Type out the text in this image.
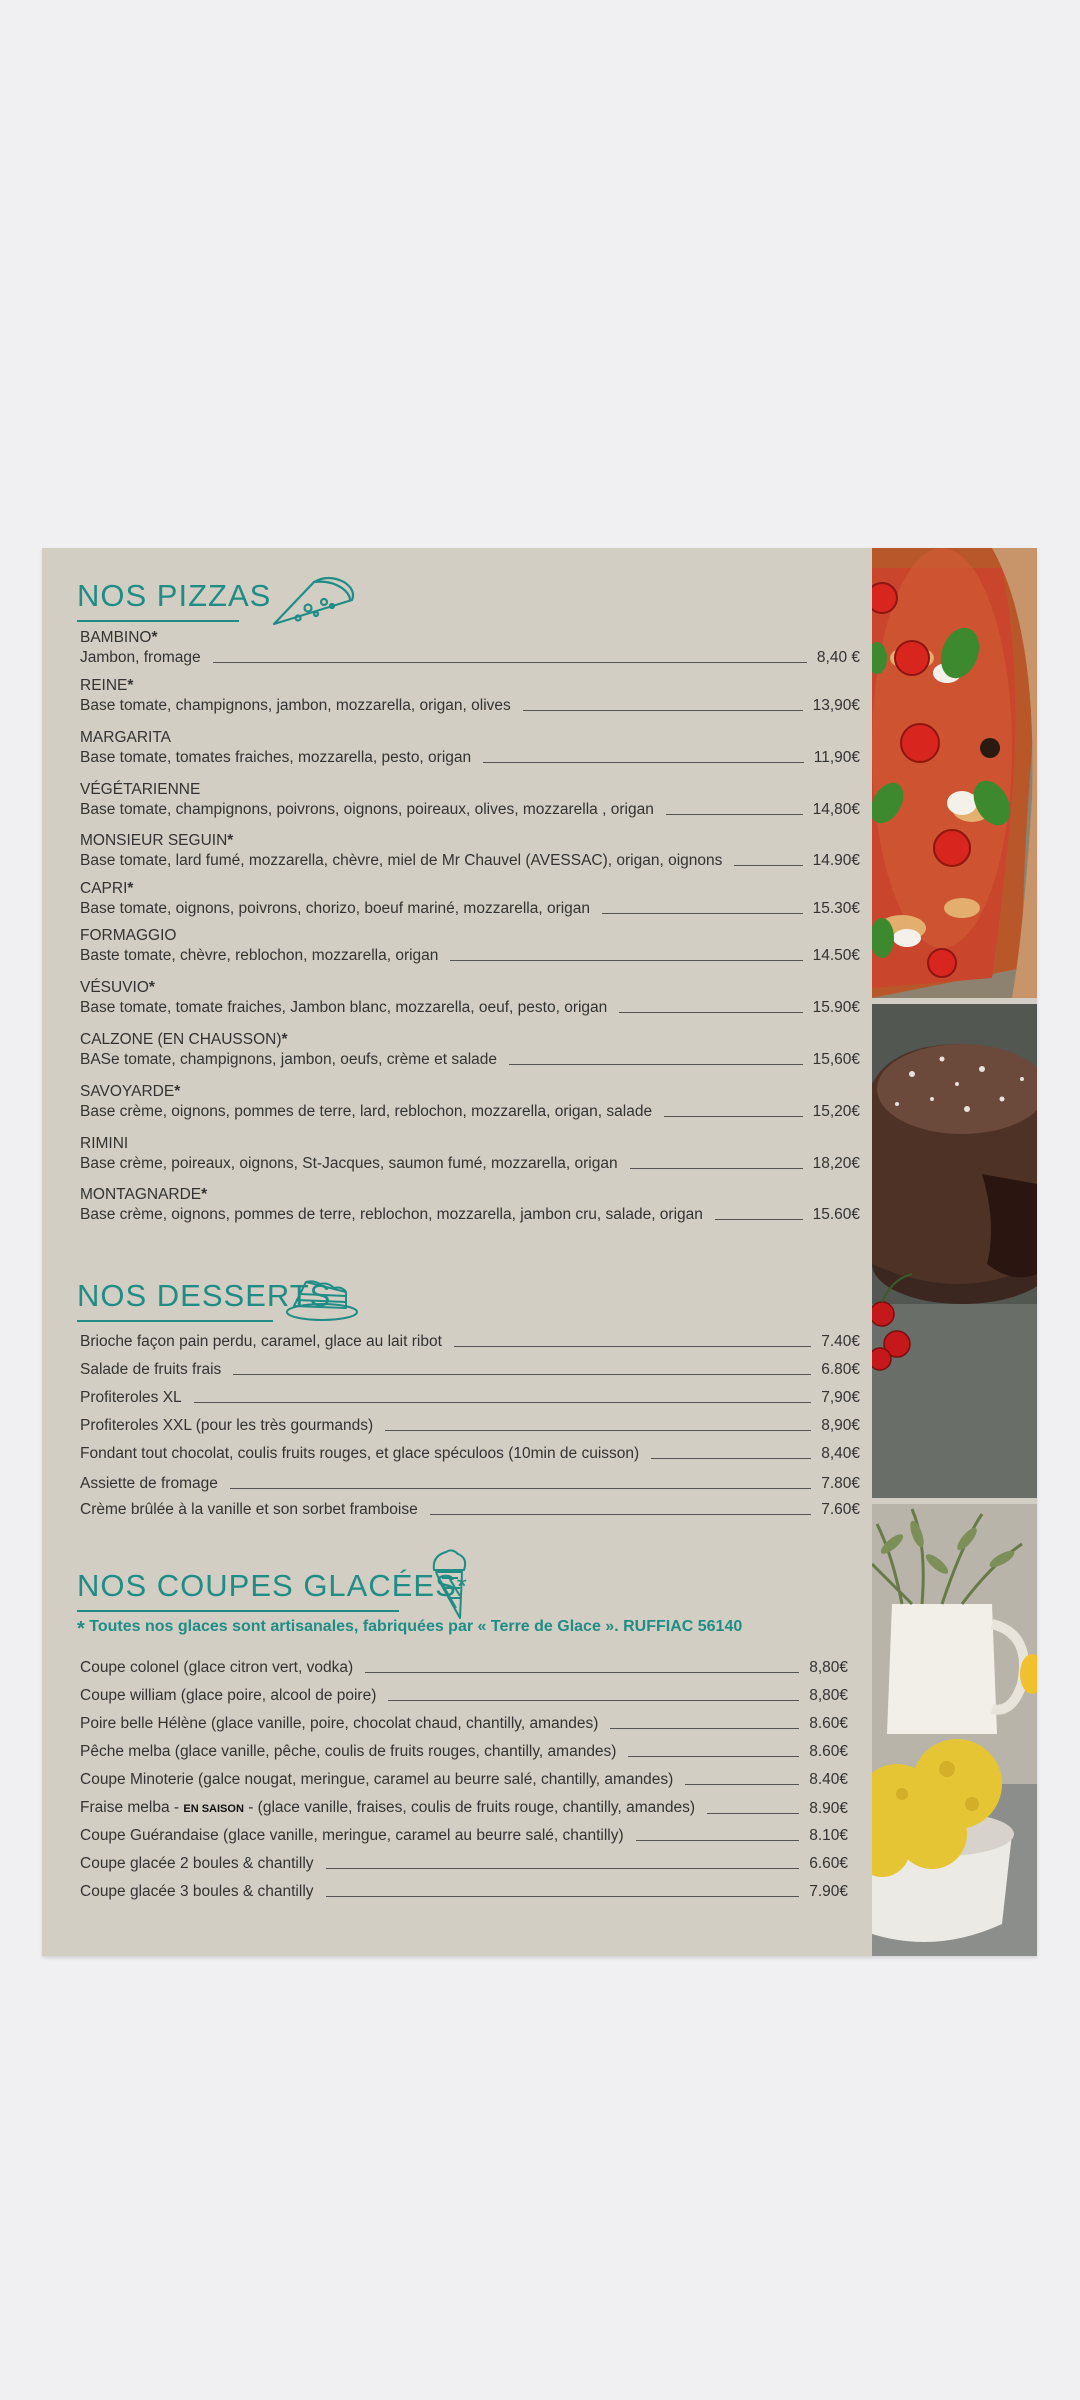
NOS PIZZAS
BAMBINO*
Jambon, fromage	8,40 €
REINE*
Base tomate, champignons, jambon, mozzarella, origan, olives	13,90€
MARGARITA
Base tomate, tomates fraiches, mozzarella, pesto, origan	11,90€
VÉGÉTARIENNE
Base tomate, champignons, poivrons, oignons, poireaux, olives, mozzarella , origan	14,80€
MONSIEUR SEGUIN*
Base tomate, lard fumé, mozzarella, chèvre, miel de Mr Chauvel (AVESSAC), origan, oignons	14.90€
CAPRI*
Base tomate, oignons, poivrons, chorizo, boeuf mariné, mozzarella, origan	15.30€
FORMAGGIO
Baste tomate, chèvre, reblochon, mozzarella, origan	14.50€
VÉSUVIO*
Base tomate, tomate fraiches, Jambon blanc, mozzarella, oeuf, pesto, origan	15.90€
CALZONE (EN CHAUSSON)*
BASe tomate, champignons, jambon, oeufs, crème et salade	15,60€
SAVOYARDE*
Base crème, oignons, pommes de terre, lard, reblochon, mozzarella, origan, salade	15,20€
RIMINI
Base crème, poireaux, oignons, St-Jacques, saumon fumé, mozzarella, origan	18,20€
MONTAGNARDE*
Base crème, oignons, pommes de terre, reblochon, mozzarella, jambon cru, salade, origan	15.60€
NOS DESSERTS
Brioche façon pain perdu, caramel, glace au lait ribot	7.40€
Salade de fruits frais	6.80€
Profiteroles XL	7,90€
Profiteroles XXL (pour les très gourmands)	8,90€
Fondant tout chocolat, coulis fruits rouges, et glace spéculoos (10min de cuisson)	8,40€
Assiette de fromage	7.80€
Crème brûlée à la vanille et son sorbet framboise	7.60€
NOS COUPES GLACÉES*
* Toutes nos glaces sont artisanales, fabriquées par « Terre de Glace ». RUFFIAC 56140
Coupe colonel (glace citron vert, vodka)	8,80€
Coupe william (glace poire, alcool de poire)	8,80€
Poire belle Hélène (glace vanille, poire, chocolat chaud, chantilly, amandes)	8.60€
Pêche melba (glace vanille, pêche, coulis de fruits rouges, chantilly, amandes)	8.60€
Coupe Minoterie (galce nougat, meringue, caramel au beurre salé, chantilly, amandes)	8.40€
Fraise melba - EN SAISON - (glace vanille, fraises, coulis de fruits rouge, chantilly, amandes)	8.90€
Coupe Guérandaise (glace vanille, meringue, caramel au beurre salé, chantilly)	8.10€
Coupe glacée 2 boules & chantilly	6.60€
Coupe glacée 3 boules & chantilly	7.90€
